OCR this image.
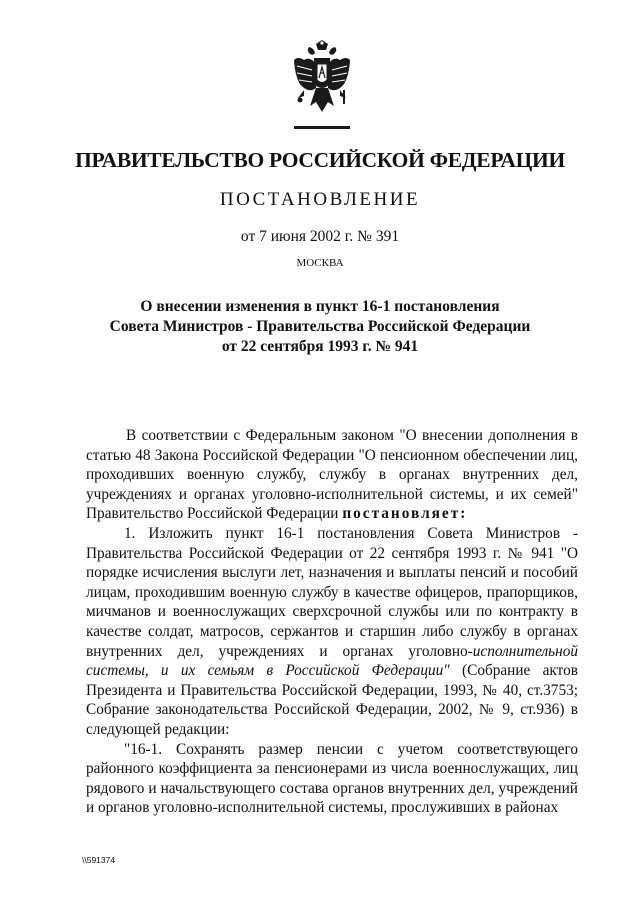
ПРАВИТЕЛЬСТВО РОССИЙСКОЙ ФЕДЕРАЦИИ
ПОСТАНОВЛЕНИЕ
от 7 июня 2002 г. № 391
МОСКВА
О внесении изменения в пункт 16-1 постановления
Совета Министров - Правительства Российской Федерации
от 22 сентября 1993 г. № 941

В соответствии с Федеральным законом "О внесении дополнения в статью 48 Закона Российской Федерации "О пенсионном обеспечении лиц, проходивших военную службу, службу в органах внутренних дел, учреждениях и органах уголовно-исполнительной системы, и их семей" Правительство Российской Федерации постановляет:

1. Изложить пункт 16-1 постановления Совета Министров - Правительства Российской Федерации от 22 сентября 1993 г. № 941 "О порядке исчисления выслуги лет, назначения и выплаты пенсий и пособий лицам, проходившим военную службу в качестве офицеров, прапорщиков, мичманов и военнослужащих сверхсрочной службы или по контракту в качестве солдат, матросов, сержантов и старшин либо службу в органах внутренних дел, учреждениях и органах уголовно-исполнительной системы, и их семьям в Российской Федерации" (Собрание актов Президента и Правительства Российской Федерации, 1993, № 40, ст.3753; Собрание законодательства Российской Федерации, 2002, № 9, ст.936) в следующей редакции:

"16-1. Сохранять размер пенсии с учетом соответствующего районного коэффициента за пенсионерами из числа военнослужащих, лиц рядового и начальствующего состава органов внутренних дел, учреждений и органов уголовно-исполнительной системы, прослуживших в районах

\\591374
